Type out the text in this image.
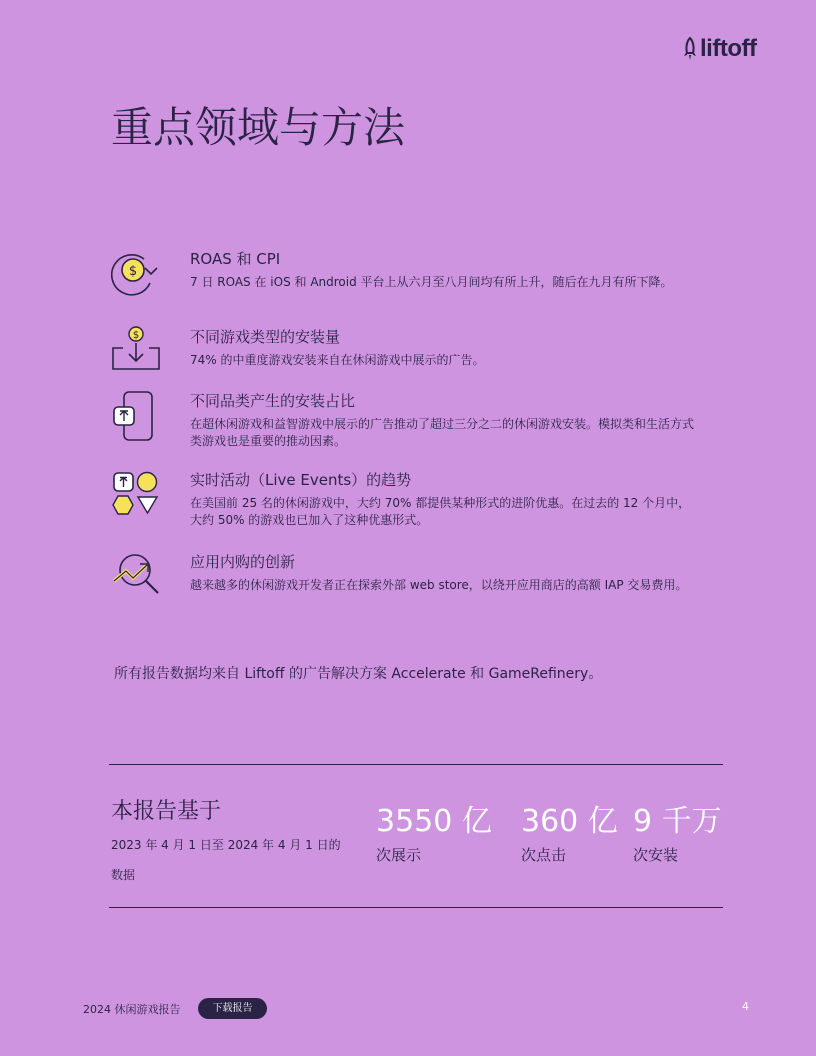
liftoff
重点领域与方法
$
ROAS 和 CPI
7 日 ROAS 在 iOS 和 Android 平台上从六月至八月间均有所上升，随后在九月有所下降。
$	不同游戏类型的安装量
74% 的中重度游戏安装来自在休闲游戏中展示的广告。
不同品类产生的安装占比
在超休闲游戏和益智游戏中展示的广告推动了超过三分之二的休闲游戏安装。模拟类和生活方式类游戏也是重要的推动因素。
实时活动（Live Events）的趋势
在美国前 25 名的休闲游戏中，大约 70% 都提供某种形式的进阶优惠。在过去的 12 个月中，大约 50% 的游戏也已加入了这种优惠形式。
应用内购的创新
越来越多的休闲游戏开发者正在探索外部 web store，以绕开应用商店的高额 IAP 交易费用。
所有报告数据均来自 Liftoff 的广告解决方案 Accelerate 和 GameRefinery。
本报告基于
2023 年 4 月 1 日至 2024 年 4 月 1 日的数据
3550 亿
次展示
360 亿
次点击
9 千万
次安装
2024 休闲游戏报告	下载报告	4
